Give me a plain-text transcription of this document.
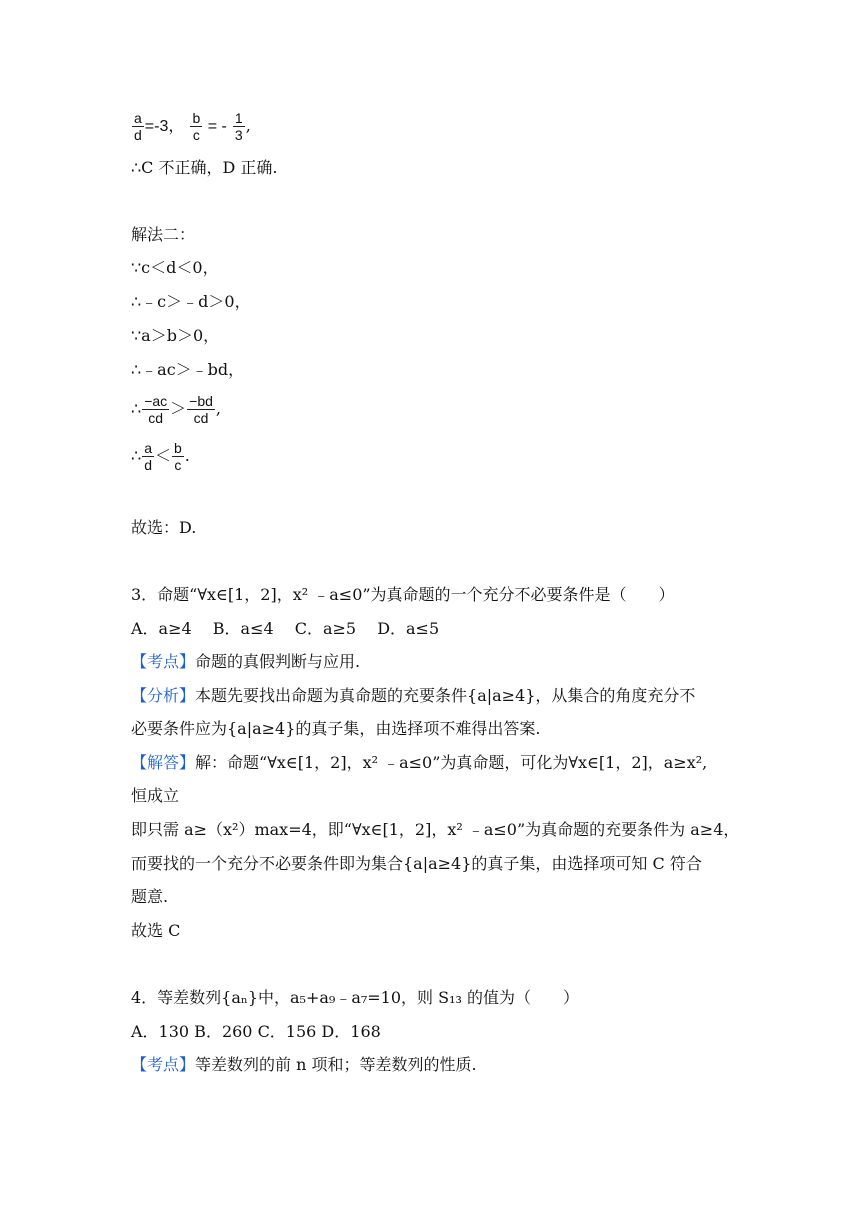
$\frac{a}{d} =-3$， $\frac{b}{c}$ = - $\frac{1}{3}$ ,
∴C 不正确，D 正确.
解法二：
∵c＜d＜0，
∴﹣c＞﹣d＞0，
∵a＞b＞0，
∴﹣ac＞﹣bd，
∴ $\frac{-ac}{cd} > \frac{-bd}{cd}$ ,
∴ $\frac{a}{d} < \frac{b}{c}$ .
故选：D.
3．命题“∀x∈[1，2]，x² ﹣a≤0”为真命题的一个充分不必要条件是（　　）
A．a≥4　 B．a≤4　 C．a≥5　 D．a≤5
【考点】命题的真假判断与应用.
【分析】本题先要找出命题为真命题的充要条件{a|a≥4}，从集合的角度充分不
必要条件应为{a|a≥4}的真子集，由选择项不难得出答案.
【解答】解：命题“∀x∈[1，2]，x² ﹣a≤0”为真命题，可化为∀x∈[1，2]，a≥x²,
恒成立
即只需 a≥（x²）max=4，即“∀x∈[1，2]，x² ﹣a≤0”为真命题的充要条件为 a≥4，
而要找的一个充分不必要条件即为集合{a|a≥4}的真子集，由选择项可知 C 符合
题意.
故选 C
4．等差数列{aₙ}中，a₅+a₉﹣a₇=10，则 S₁₃ 的值为（　　）
A．130 B．260 C．156 D．168
【考点】等差数列的前 n 项和；等差数列的性质.
